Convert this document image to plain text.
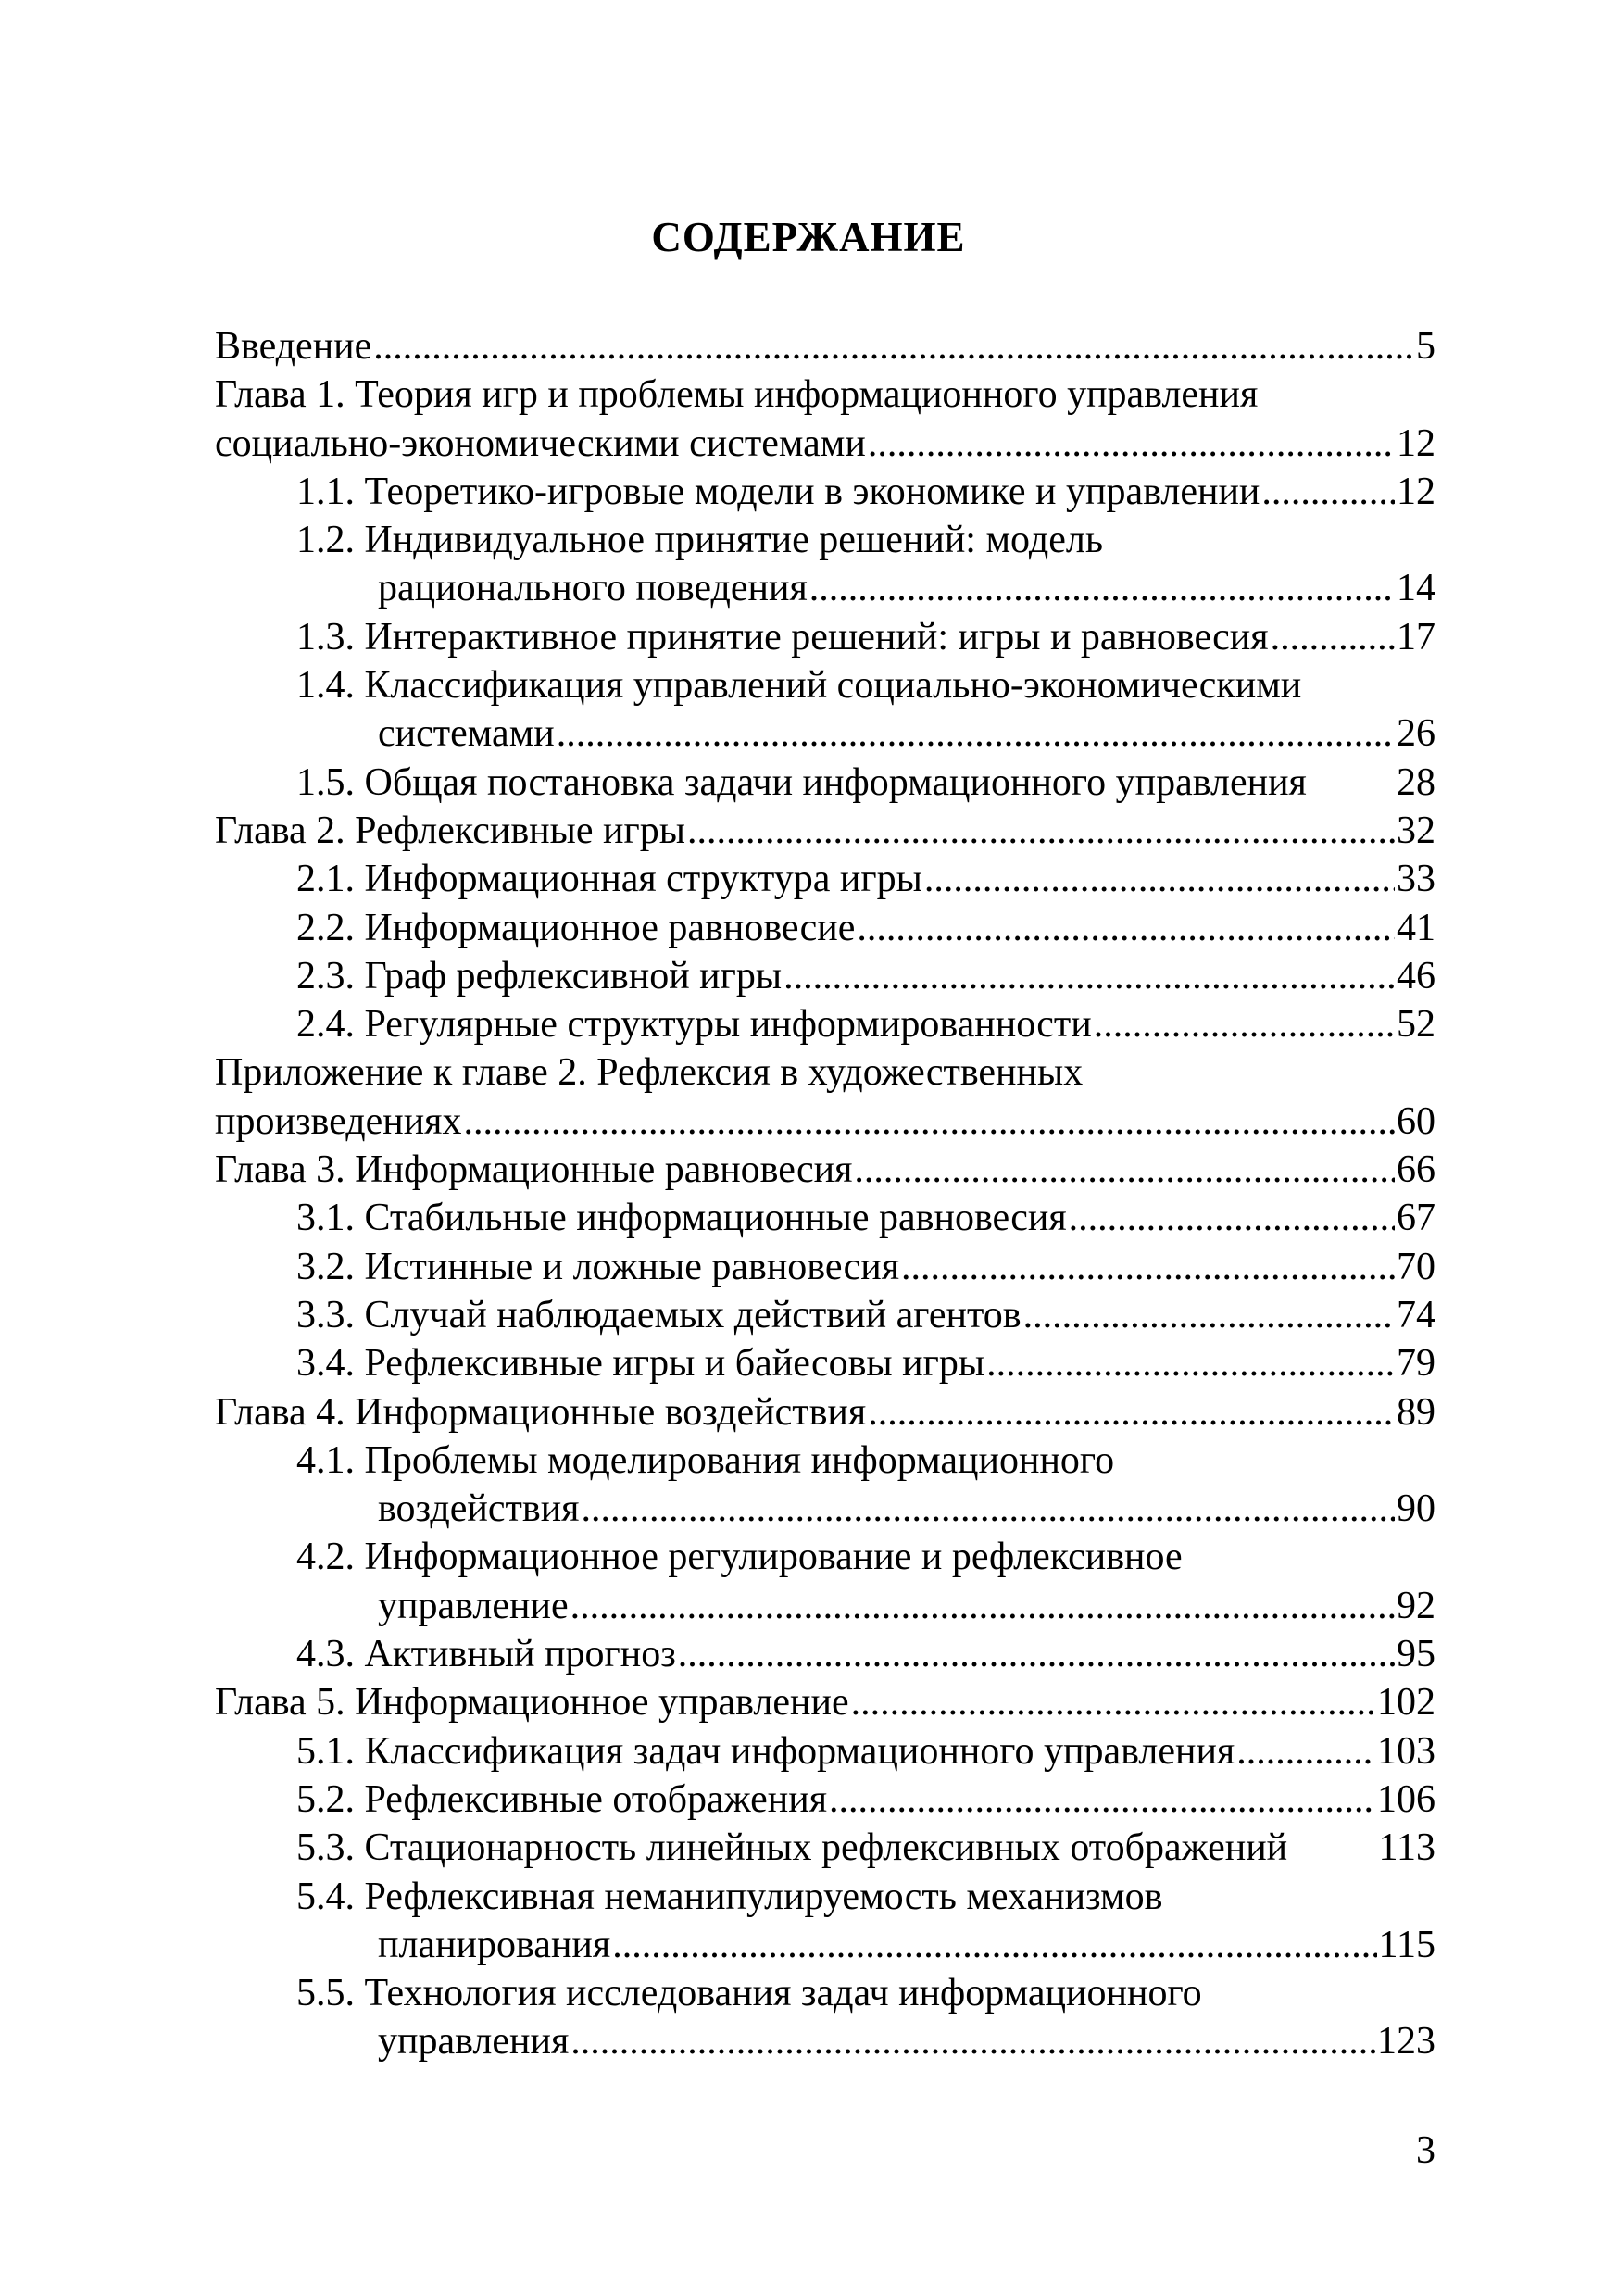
СОДЕРЖАНИЕ
Введение .....	5
Глава 1. Теория игр и проблемы информационного управления
социально-экономическими системами .....	12
1.1. Теоретико-игровые модели в экономике и управлении .....	12
1.2. Индивидуальное принятие решений: модель
рационального поведения .....	14
1.3. Интерактивное принятие решений: игры и равновесия .....	17
1.4. Классификация управлений социально-экономическими
системами .....	26
1.5. Общая постановка задачи информационного управления 28
Глава 2. Рефлексивные игры .....	32
2.1. Информационная структура игры .....	33
2.2. Информационное равновесие .....	41
2.3. Граф рефлексивной игры .....	46
2.4. Регулярные структуры информированности .....	52
Приложение к главе 2. Рефлексия в художественных
произведениях .....	60
Глава 3. Информационные равновесия .....	66
3.1. Стабильные информационные равновесия .....	67
3.2. Истинные и ложные равновесия .....	70
3.3. Случай наблюдаемых действий агентов .....	74
3.4. Рефлексивные игры и байесовы игры .....	79
Глава 4. Информационные воздействия .....	89
4.1. Проблемы моделирования информационного
воздействия .....	90
4.2. Информационное регулирование и рефлексивное
управление .....	92
4.3. Активный прогноз .....	95
Глава 5. Информационное управление .....	102
5.1. Классификация задач информационного управления .....	103
5.2. Рефлексивные отображения .....	106
5.3. Стационарность линейных рефлексивных отображений 113
5.4. Рефлексивная неманипулируемость механизмов
планирования .....	115
5.5. Технология исследования задач информационного
управления .....	123
3
